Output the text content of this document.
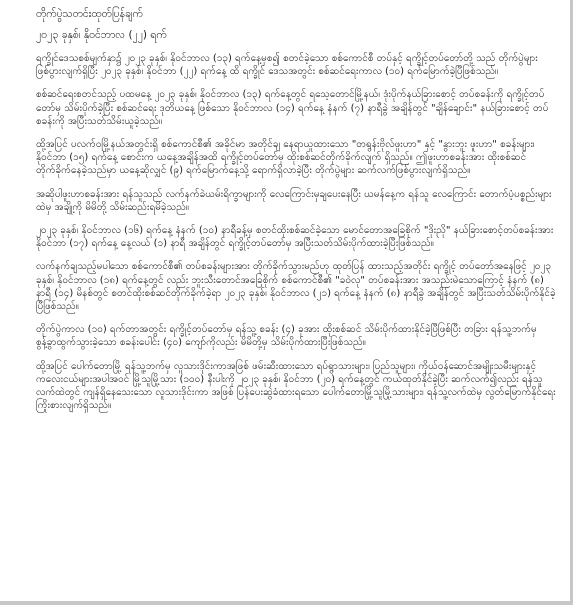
တိုက်ပွဲသတင်းထုတ်ပြန်ချက်
၂၀၂၃ ခုနှစ်၊ နိုဝင်ဘာလ (၂၂) ရက်
ရက္ခိုင်ဒေသစစ်မျက်နှာ၌ ၂၀၂၃ ခုနှစ်၊ နိုဝင်ဘာလ (၁၃) ရက်နေ့မှစ၍ စတင်ခဲ့သော စစ်ကောင်စီ တပ်နှင့် ရက္ခိုင့်တပ်တော်တို့ သည် တိုက်ပွဲများ ဖြစ်ပွားလျက်ရှိပြီး ၂၀၂၃ ခုနှစ်၊ နိုဝင်ဘာ (၂၂) ရက်နေ့ ထိ ရက္ခိုင် ဒေသအတွင်း စစ်ဆင်ရေးကာလ (၁၀) ရက်မြောက်ခဲ့ပြီဖြစ်သည်။
စစ်ဆင်ရေးစတင်သည့် ပထမနေ့ ၂၀၂၃ ခုနှစ်၊ နိုဝင်ဘာလ (၁၃) ရက်နေ့တွင် ရသေ့တောင်မြို့နယ်၊ ဒုံးပိုက်နယ်ခြားစောင့် တပ်စခန်းကို ရက္ခိုင့်တပ်တော်မှ သိမ်းပိုက်ခဲ့ပြီး စစ်ဆင်ရေး ဒုတိယနေ့ ဖြစ်သော နိုဝင်ဘာလ (၁၄) ရက်နေ့ နံနက် (၇) နာရီခွဲ အချိန်တွင် "ချိန်ချောင်း" နယ်ခြားစောင့် တပ်စခန်းကို အပြီးသတ်သိမ်းယူခဲ့သည်။
ထို့အပြင် ပလက်ဝမြို့နယ်အတွင်းရှိ စစ်ကောင်စီ၏ အခိုင်မာ အတိုင်ချ နေရာယူထားသော "တရွန်းဗိုလ်ဖူးဟာ" နှင့် "နွားဘူး ဖူးဟာ" စခန်းများ၊ နိုဝင်ဘာ (၁၅) ရက်နေ့ စောင်းက ယနေ့အချိန်အထိ ရက္ခိုင့်တပ်တော်မှ ထိုးစစ်ဆင်တိုက်ခိုက်လျက် ရှိသည်။ ဤဖူးဟာစခန်းအား ထိုးစစ်ဆင် တိုက်ခိုက်နေခဲ့သည်မှာ ယနေ့ဆိုလျှင် (၉) ရက်မြောက်နေ့သို့ ရောက်ရှိလာခဲ့ပြီး တိုက်ပွဲများ ဆက်လက်ဖြစ်ပွားလျက်ရှိသည်။
အဆိုပါဖူးဟာစခန်းအား ရန်သူသည် လက်နက်ခဲယမ်းရိက္ခာများကို လေကြောင်းမှချပေးနေပြီး ယမန်နေ့က ရန်သူ လေကြောင်း တောက်ပံ့ပစ္စည်းများထဲမှ အချို့ကို မိမိတို့ သိမ်းဆည်းရမိခဲ့သည်။
၂၀၂၃ ခုနှစ်၊ နိုဝင်ဘာလ (၁၆) ရက်နေ့ နံနက် (၁၀) နာရီခန့်မှ စတင်ထိုးစစ်ဆင်ခဲ့သော မောင်တောအခြေစိုက် "ဒိုးညို" နယ်ခြားစောင့်တပ်စခန်းအား နိုဝင်ဘာ (၁၇) ရက်နေ့ နေ့လယ် (၁) နာရီ အချိန်တွင် ရက္ခိုင့်တပ်တော်မှ အပြီးသတ်သိမ်းပိုက်ထားခဲ့ပြီးဖြစ်သည်။
လက်နက်ချသည့်မပါသော စစ်ကောင်စီ၏ တပ်စခန်းများအား တိုက်ခိုက်သွားမည်ဟု ထုတ်ပြန် ထားသည့်အတိုင်း ရက္ခိုင့် တပ်တော်အနေဖြင့် ၂၀၂၃ ခုနှစ်၊ နိုဝင်ဘာလ (၁၈) ရက်နေ့တွင် လည်း ဘူးသီးတောင်အခြေစိုက် စစ်ကောင်စီ၏ "ခဝဲလု" တပ်စခန်းအား အသည်းမဲသောကြောင့် နံနက် (၈) နာရီ (၁၄) မိနစ်တွင် စတင်ထိုးစစ်ဆင်တိုက်ခိုက်ခဲ့ရာ ၂၀၂၃ ခုနှစ်၊ နိုဝင်ဘာလ (၂၁) ရက်နေ့ နံနက် (၈) နာရီခွဲ အချိန်တွင် အပြီးသတ်သိမ်းပိုက်နိုင်ခဲ့ပြီဖြစ်သည်။
တိုက်ပွဲကာလ (၁၀) ရက်တာအတွင်း ရက္ခိုင့်တပ်တော်မှ ရန်သူ့ စခန်း (၄) ခုအား ထိုးစစ်ဆင် သိမ်းပိုက်ထားနိုင်ခဲ့ပြီဖြစ်ပြီး တခြား ရန်သူ့ဘက်မှ စွန့်ခွာထွက်သွားခဲ့သော စခန်းပေါင်း (၄၀) ကျော်ကိုလည်း မိမိတို့မှ သိမ်းပိုက်ထားပြီးဖြစ်သည်။
ထို့အပြင် ပေါက်တောမြို့ ရန်သူ့ဘက်မှ လူသားဒိုင်းကာအဖြစ် ဖမ်းဆီးထားသော ရပ်ရွာသားများ၊ ပြည်သူများ၊ ကိုယ်ဝန်ဆောင်အမျိုးသမီးများနှင့် ကလေးငယ်များအပါအဝင် မြို့သူမြို့သား (၁၀၀) နီးပါးကို ၂၀၂၃ ခုနှစ်၊ နိုဝင်ဘာ (၂၀) ရက်နေ့တွင် ကယ်ထုတ်နိုင်ခဲ့ပြီး ဆက်လက်၍လည်း ရန်သူလက်ထဲတွင် ကျန်ရှိနေသေးသော လူသားဒိုင်းကာ အဖြစ် ပြန်ပေးဆွဲခံထားရသော ပေါက်တောမြို့သူမြို့သားများ၊ ရန်သူ့လက်ထဲမှ လွတ်မြောက်နိုင်ရေး ကြိုးစားလျက်ရှိသည်။
